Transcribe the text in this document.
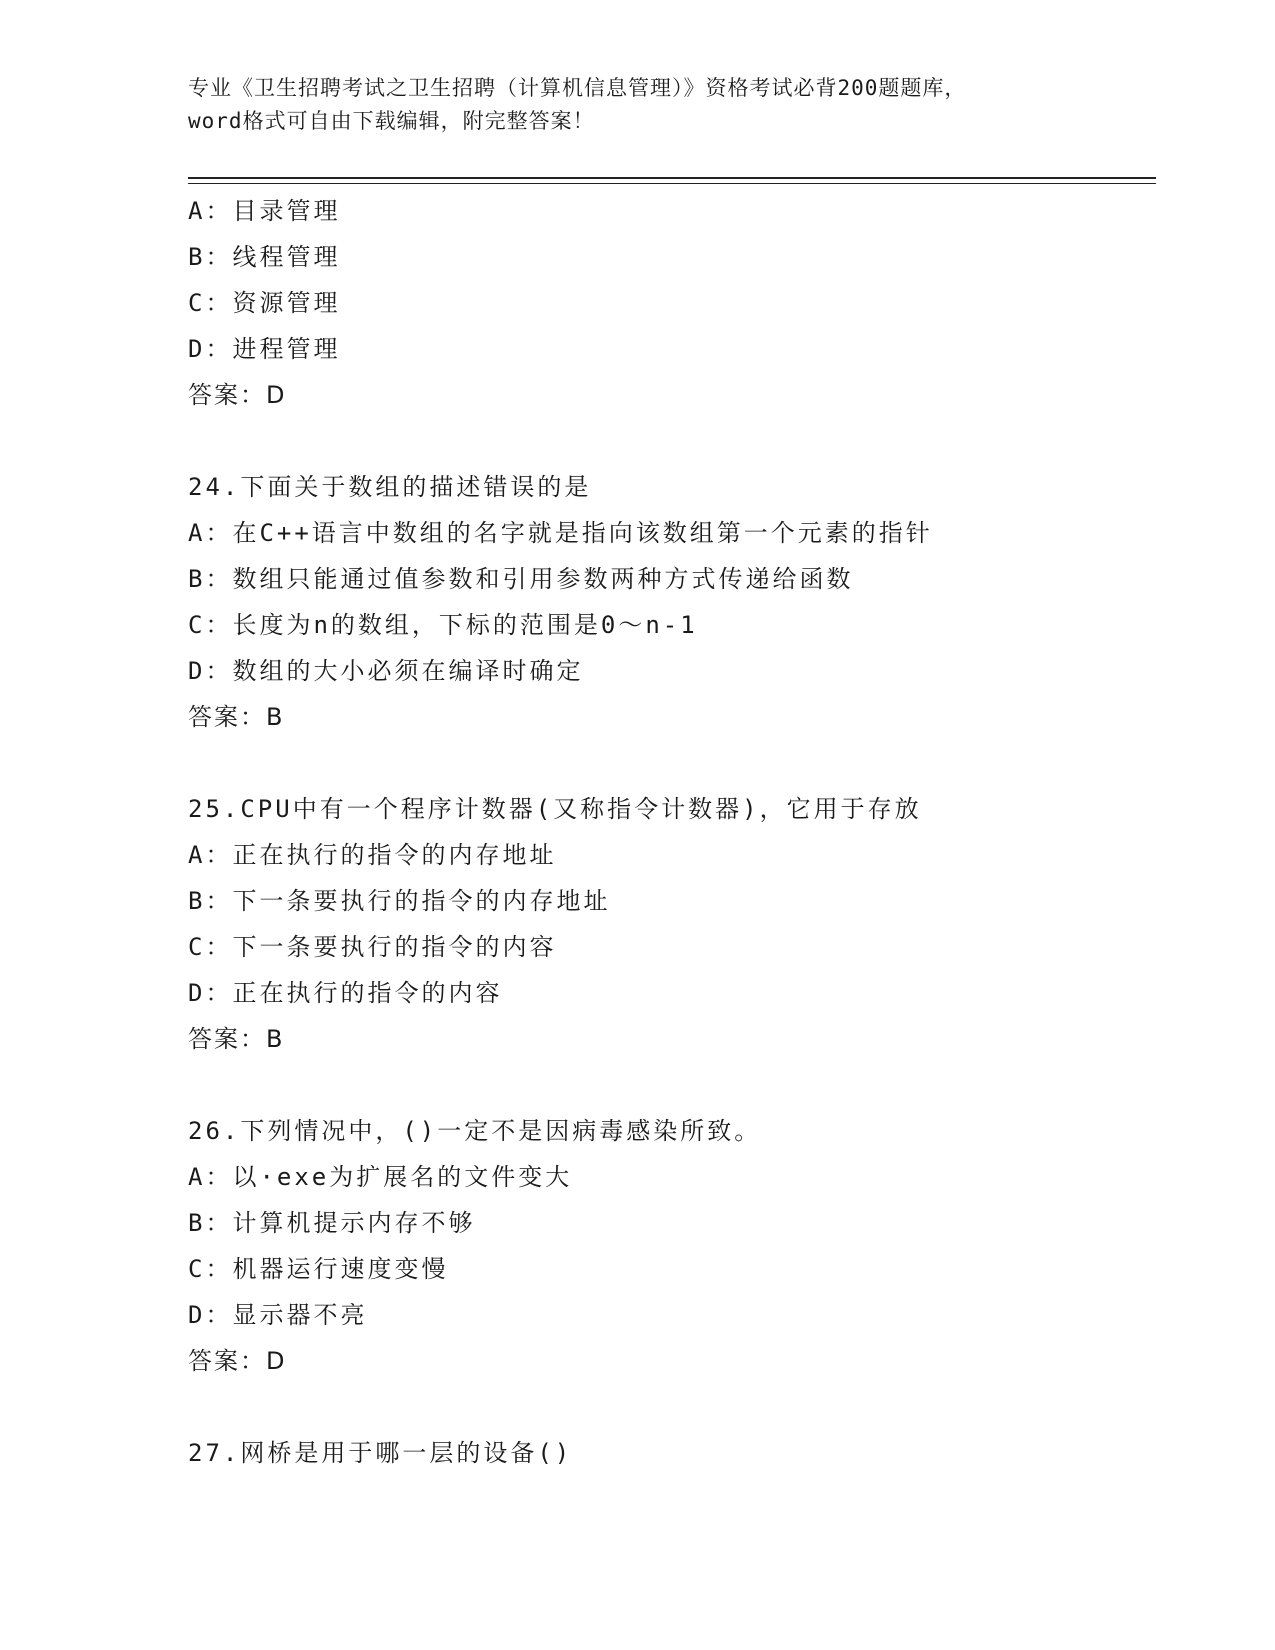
专业《卫生招聘考试之卫生招聘（计算机信息管理）》资格考试必背200题题库，
word格式可自由下载编辑，附完整答案！
A：目录管理
B：线程管理
C：资源管理
D：进程管理
答案：D
24.下面关于数组的描述错误的是
A：在C++语言中数组的名字就是指向该数组第一个元素的指针
B：数组只能通过值参数和引用参数两种方式传递给函数
C：长度为n的数组，下标的范围是0～n-1
D：数组的大小必须在编译时确定
答案：B
25.CPU中有一个程序计数器(又称指令计数器)，它用于存放
A：正在执行的指令的内存地址
B：下一条要执行的指令的内存地址
C：下一条要执行的指令的内容
D：正在执行的指令的内容
答案：B
26.下列情况中，()一定不是因病毒感染所致。
A：以·exe为扩展名的文件变大
B：计算机提示内存不够
C：机器运行速度变慢
D：显示器不亮
答案：D
27.网桥是用于哪一层的设备()
